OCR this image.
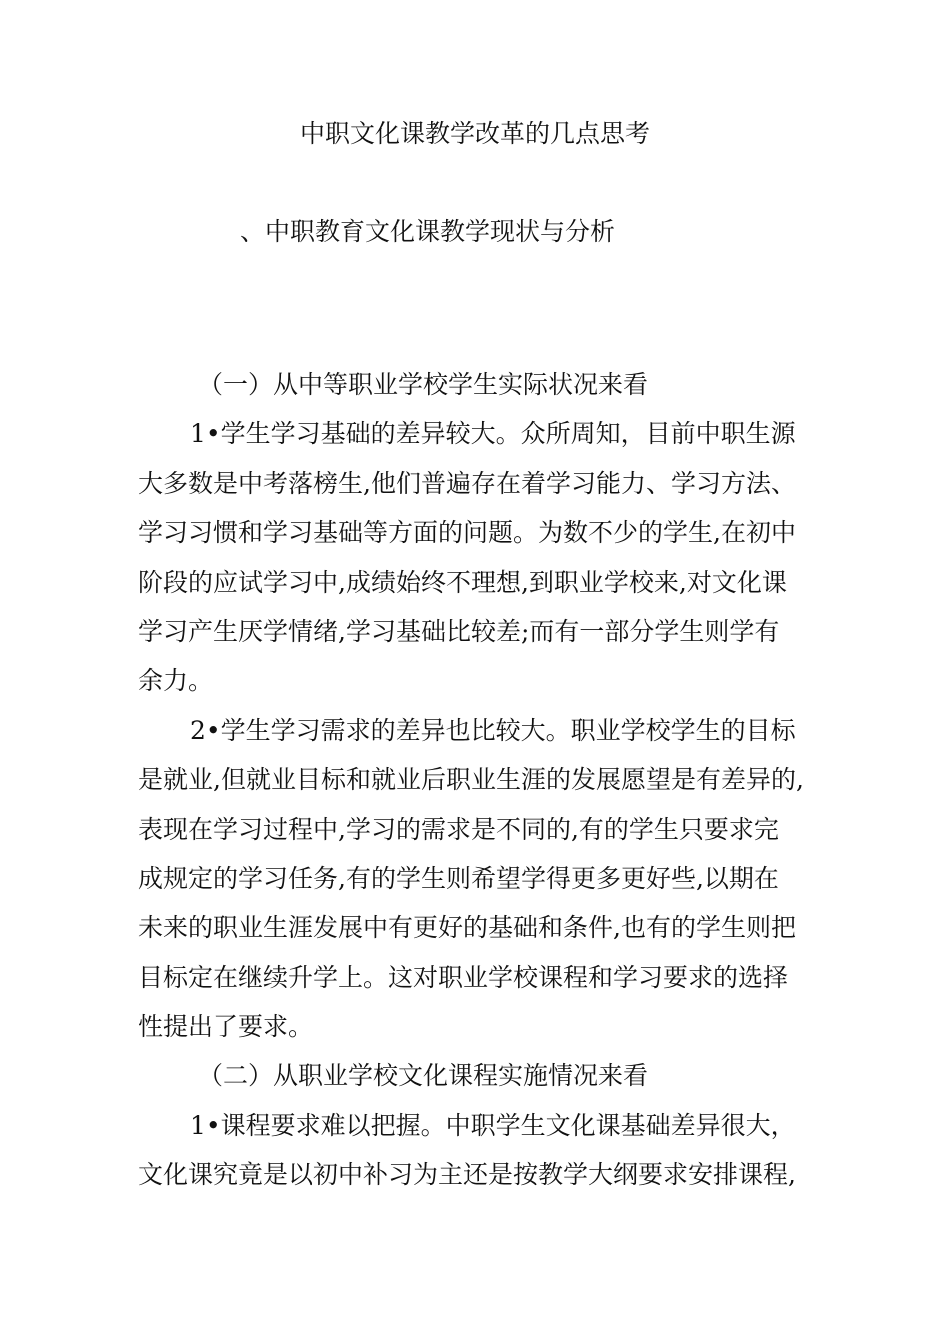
中职文化课教学改革的几点思考
、中职教育文化课教学现状与分析
（一）从中等职业学校学生实际状况来看
1•学生学习基础的差异较大。众所周知，目前中职生源
大多数是中考落榜生,他们普遍存在着学习能力、学习方法、
学习习惯和学习基础等方面的问题。为数不少的学生,在初中
阶段的应试学习中,成绩始终不理想,到职业学校来,对文化课
学习产生厌学情绪,学习基础比较差;而有一部分学生则学有
余力。
2•学生学习需求的差异也比较大。职业学校学生的目标
是就业,但就业目标和就业后职业生涯的发展愿望是有差异的,
表现在学习过程中,学习的需求是不同的,有的学生只要求完
成规定的学习任务,有的学生则希望学得更多更好些,以期在
未来的职业生涯发展中有更好的基础和条件,也有的学生则把
目标定在继续升学上。这对职业学校课程和学习要求的选择
性提出了要求。
（二）从职业学校文化课程实施情况来看
1•课程要求难以把握。中职学生文化课基础差异很大，
文化课究竟是以初中补习为主还是按教学大纲要求安排课程,
